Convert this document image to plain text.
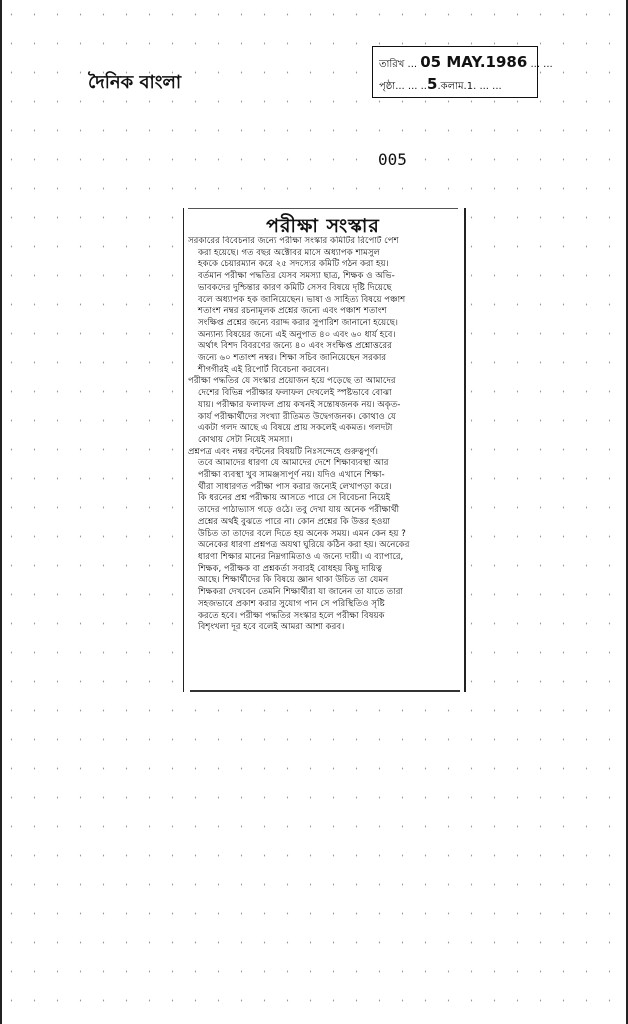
দৈনিক বাংলা
তারিখ ... 05 MAY.1986 ... ...
পৃষ্ঠা... ... ..5.কলাম.1. ... ...
005
পরীক্ষা সংস্কার
সরকারের বিবেচনার জন্যে পরীক্ষা সংস্কার কমিটির রিপোর্ট পেশ
করা হয়েছে। গত বছর অক্টোবর মাসে অধ্যাপক শামসুল
হককে চেয়ারম্যান করে ২৫ সদস্যের কমিটি গঠন করা হয়।
বর্তমান পরীক্ষা পদ্ধতির যেসব সমস্যা ছাত্র, শিক্ষক ও অভি-
ভাবকদের দুশ্চিন্তার কারণ কমিটি সেসব বিষয়ে দৃষ্টি দিয়েছে
বলে অধ্যাপক হক জানিয়েছেন। ভাষা ও সাহিত্য বিষয়ে পঞ্চাশ
শতাংশ নম্বর রচনামূলক প্রশ্নের জন্যে এবং পঞ্চাশ শতাংশ
সংক্ষিপ্ত প্রশ্নের জন্যে বরাদ্দ করার সুপারিশ জানানো হয়েছে।
অন্যান্য বিষয়ের জন্যে এই অনুপাত ৪০ এবং ৬০ ধার্য হবে।
অর্থাৎ বিশদ বিবরণের জন্যে ৪০ এবং সংক্ষিপ্ত প্রশ্নোত্তরের
জন্যে ৬০ শতাংশ নম্বর। শিক্ষা সচিব জানিয়েছেন সরকার
শীগগীরই এই রিপোর্ট বিবেচনা করবেন।
পরীক্ষা পদ্ধতির যে সংস্কার প্রয়োজন হয়ে পড়েছে তা আমাদের
দেশের বিভিন্ন পরীক্ষার ফলাফল দেখলেই স্পষ্টভাবে বোঝা
যায়। পরীক্ষার ফলাফল প্রায় কখনই সন্তোষজনক নয়। অকৃত-
কার্য পরীক্ষার্থীদের সংখ্যা রীতিমত উদ্বেগজনক। কোথাও যে
একটা গলদ আছে এ বিষয়ে প্রায় সকলেই একমত। গলদটা
কোথায় সেটা নিয়েই সমস্যা।
প্রশ্নপত্র এবং নম্বর বন্টনের বিষয়টি নিঃসন্দেহে গুরুত্বপূর্ণ।
তবে আমাদের ধারণা যে আমাদের দেশে শিক্ষাব্যবস্থা আর
পরীক্ষা ব্যবস্থা খুব সামঞ্জস্যপূর্ণ নয়। যদিও এখানে শিক্ষা-
র্থীরা সাধারণত পরীক্ষা পাস করার জন্যেই লেখাপড়া করে।
কি ধরনের প্রশ্ন পরীক্ষায় আসতে পারে সে বিবেচনা নিয়েই
তাদের পাঠাভ্যাস গড়ে ওঠে। তবু দেখা যায় অনেক পরীক্ষার্থী
প্রশ্নের অর্থই বুঝতে পারে না। কোন প্রশ্নের কি উত্তর হওয়া
উচিত তা তাদের বলে দিতে হয় অনেক সময়। এমন কেন হয় ?
অনেকের ধারণা প্রশ্নপত্র অযথা ঘুরিয়ে কঠিন করা হয়। অনেকের
ধারণা শিক্ষার মানের নিম্নগামিতাও এ জন্যে দায়ী। এ ব্যাপারে,
শিক্ষক, পরীক্ষক বা প্রশ্নকর্তা সবারই বোধহয় কিছু দায়িত্ব
আছে। শিক্ষার্থীদের কি বিষয়ে জ্ঞান থাকা উচিত তা যেমন
শিক্ষকরা দেখবেন তেমনি শিক্ষার্থীরা যা জানেন তা যাতে তারা
সহজভাবে প্রকাশ করার সুযোগ পান সে পরিস্থিতিও সৃষ্টি
করতে হবে। পরীক্ষা পদ্ধতির সংস্কার হলে পরীক্ষা বিষয়ক
বিশৃংখলা দূর হবে বলেই আমরা আশা করব।
